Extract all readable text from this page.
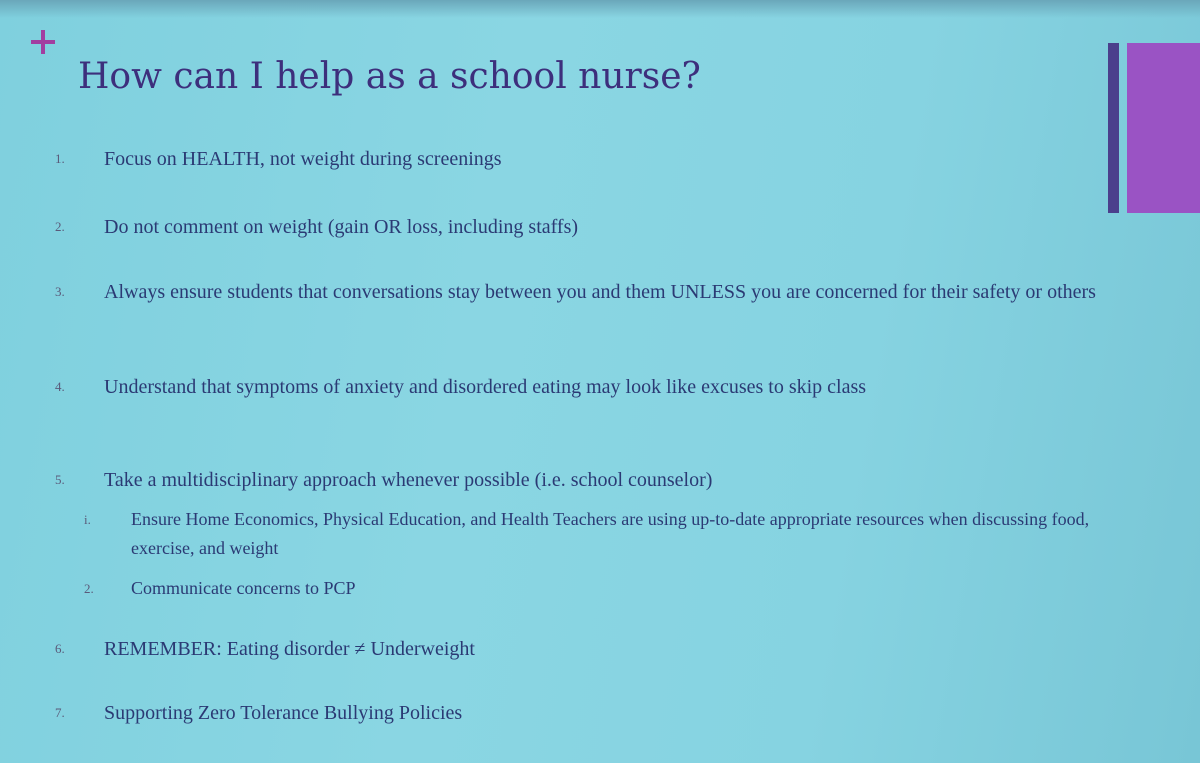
How can I help as a school nurse?
1. Focus on HEALTH, not weight during screenings
2. Do not comment on weight (gain OR loss, including staffs)
3. Always ensure students that conversations stay between you and them UNLESS you are concerned for their safety or others
4. Understand that symptoms of anxiety and disordered eating may look like excuses to skip class
5. Take a multidisciplinary approach whenever possible (i.e. school counselor)
i. Ensure Home Economics, Physical Education, and Health Teachers are using up-to-date appropriate resources when discussing food, exercise, and weight
2. Communicate concerns to PCP
6. REMEMBER: Eating disorder ≠ Underweight
7. Supporting Zero Tolerance Bullying Policies
